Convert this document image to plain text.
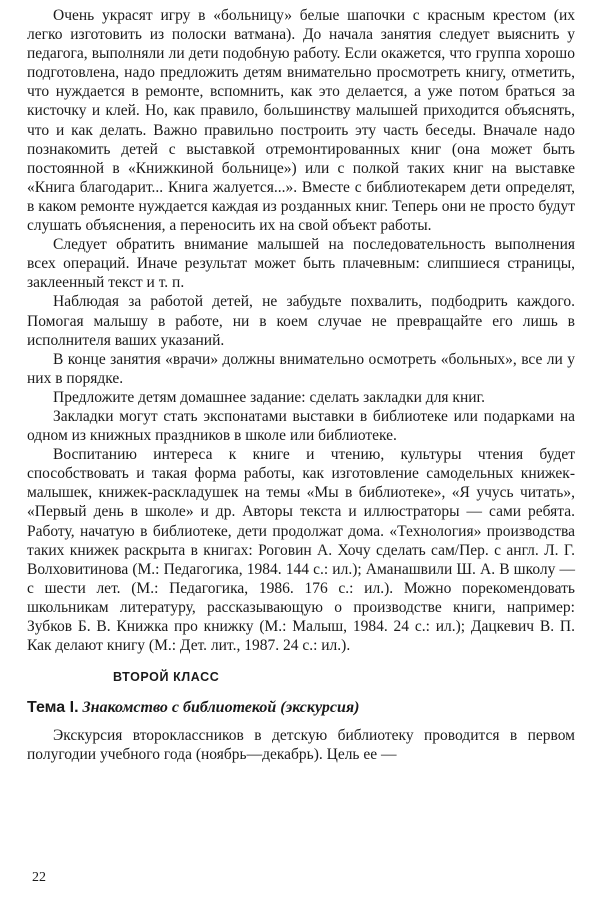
Очень украсят игру в «больницу» белые шапочки с красным крестом (их легко изготовить из полоски ватмана). До начала занятия следует выяснить у педагога, выполняли ли дети подобную работу. Если окажется, что группа хорошо подготовлена, надо предложить детям внимательно просмотреть книгу, отметить, что нуждается в ремонте, вспомнить, как это делается, а уже потом браться за кисточку и клей. Но, как правило, большинству малышей приходится объяснять, что и как делать. Важно правильно построить эту часть беседы. Вначале надо познакомить детей с выставкой отремонтированных книг (она может быть постоянной в «Книжкиной больнице») или с полкой таких книг на выставке «Книга благодарит... Книга жалуется...». Вместе с библиотекарем дети определят, в каком ремонте нуждается каждая из розданных книг. Теперь они не просто будут слушать объяснения, а переносить их на свой объект работы.

Следует обратить внимание малышей на последовательность выполнения всех операций. Иначе результат может быть плачевным: слипшиеся страницы, заклеенный текст и т. п.

Наблюдая за работой детей, не забудьте похвалить, подбодрить каждого. Помогая малышу в работе, ни в коем случае не превращайте его лишь в исполнителя ваших указаний.

В конце занятия «врачи» должны внимательно осмотреть «больных», все ли у них в порядке.

Предложите детям домашнее задание: сделать закладки для книг.

Закладки могут стать экспонатами выставки в библиотеке или подарками на одном из книжных праздников в школе или библиотеке.

Воспитанию интереса к книге и чтению, культуры чтения будет способствовать и такая форма работы, как изготовление самодельных книжек-малышек, книжек-раскладушек на темы «Мы в библиотеке», «Я учусь читать», «Первый день в школе» и др. Авторы текста и иллюстраторы — сами ребята. Работу, начатую в библиотеке, дети продолжат дома. «Технология» производства таких книжек раскрыта в книгах: Роговин А. Хочу сделать сам/Пер. с англ. Л. Г. Волховитинова (М.: Педагогика, 1984. 144 с.: ил.); Аманашвили Ш. А. В школу — с шести лет. (М.: Педагогика, 1986. 176 с.: ил.). Можно порекомендовать школьникам литературу, рассказывающую о производстве книги, например: Зубков Б. В. Книжка про книжку (М.: Малыш, 1984. 24 с.: ил.); Дацкевич В. П. Как делают книгу (М.: Дет. лит., 1987. 24 с.: ил.).

ВТОРОЙ КЛАСС
Тема I. Знакомство с библиотекой (экскурсия)

Экскурсия второклассников в детскую библиотеку проводится в первом полугодии учебного года (ноябрь—декабрь). Цель ее —

22
